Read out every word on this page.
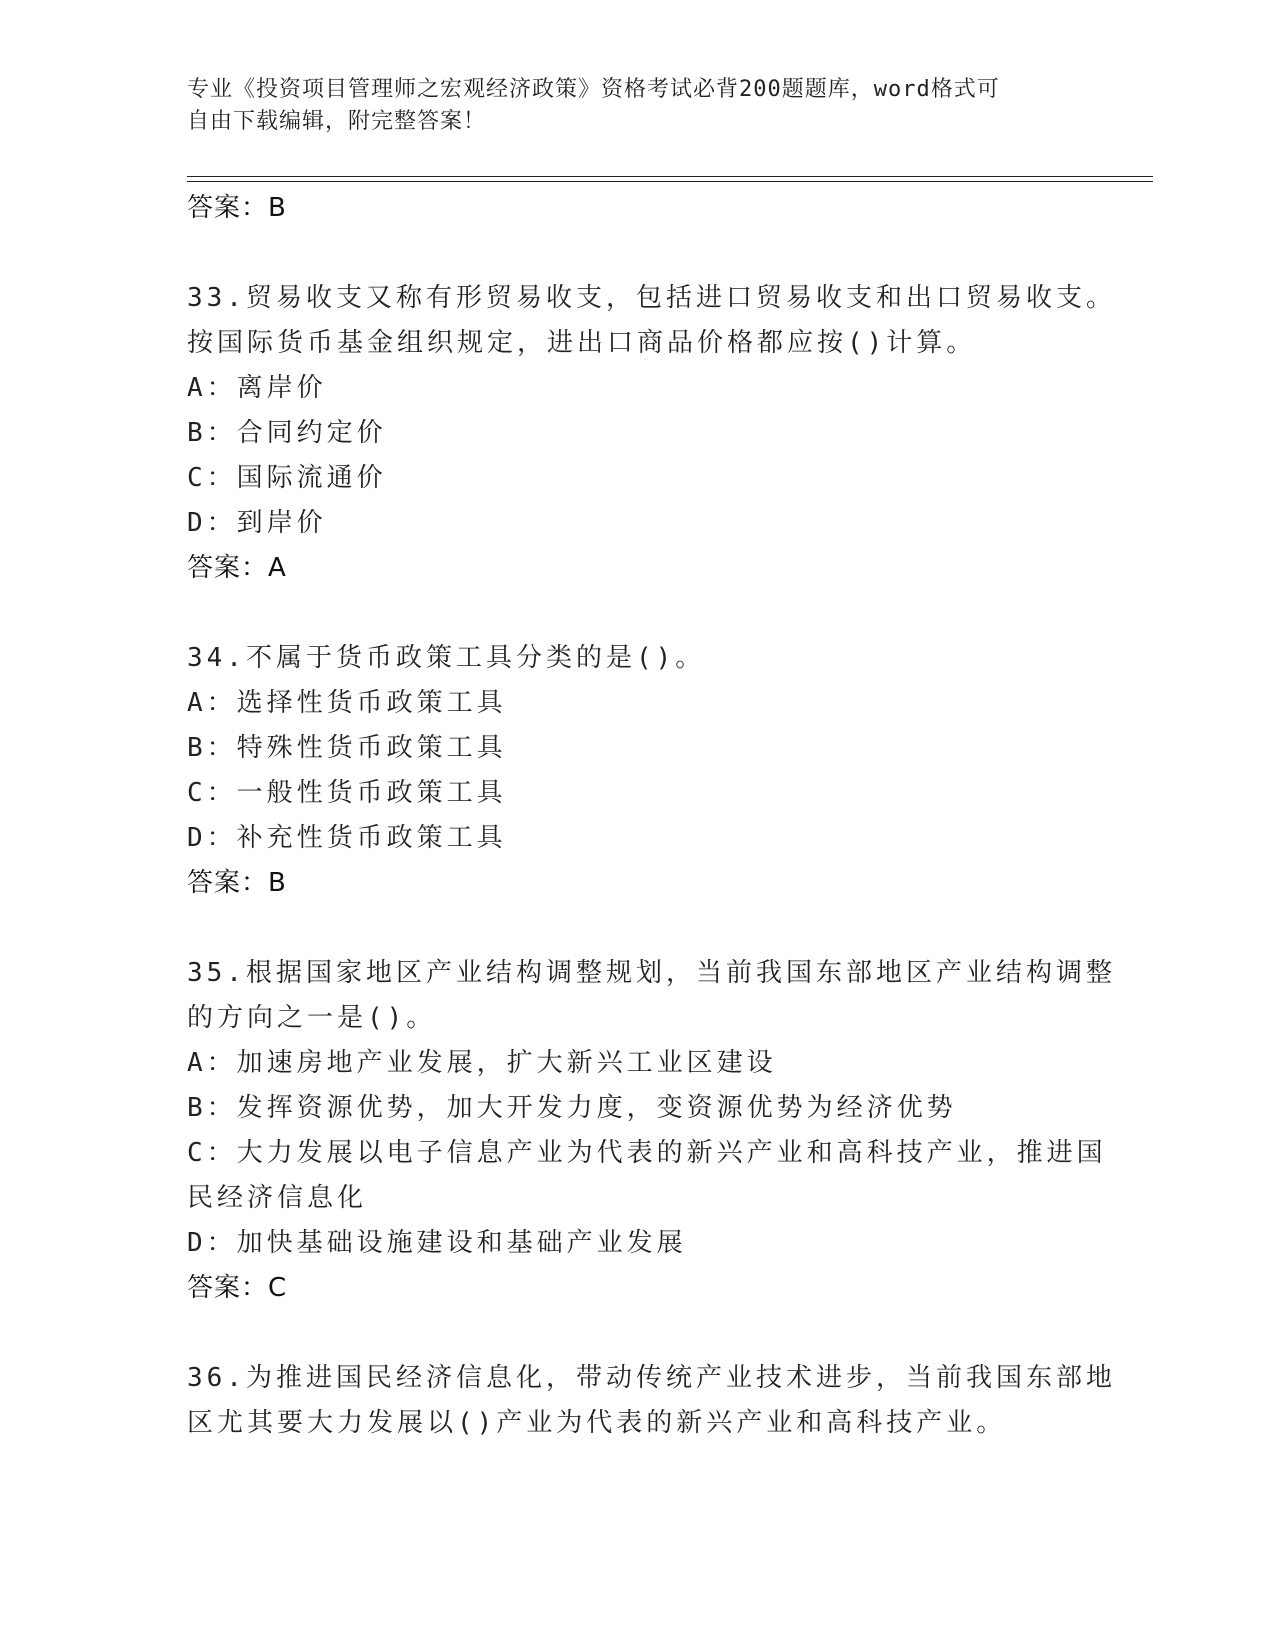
专业《投资项目管理师之宏观经济政策》资格考试必背200题题库，word格式可
自由下载编辑，附完整答案！
答案：B
33.贸易收支又称有形贸易收支，包括进口贸易收支和出口贸易收支。
按国际货币基金组织规定，进出口商品价格都应按()计算。
A：离岸价
B：合同约定价
C：国际流通价
D：到岸价
答案：A
34.不属于货币政策工具分类的是()。
A：选择性货币政策工具
B：特殊性货币政策工具
C：一般性货币政策工具
D：补充性货币政策工具
答案：B
35.根据国家地区产业结构调整规划，当前我国东部地区产业结构调整
的方向之一是()。
A：加速房地产业发展，扩大新兴工业区建设
B：发挥资源优势，加大开发力度，变资源优势为经济优势
C：大力发展以电子信息产业为代表的新兴产业和高科技产业，推进国
民经济信息化
D：加快基础设施建设和基础产业发展
答案：C
36.为推进国民经济信息化，带动传统产业技术进步，当前我国东部地
区尤其要大力发展以()产业为代表的新兴产业和高科技产业。
